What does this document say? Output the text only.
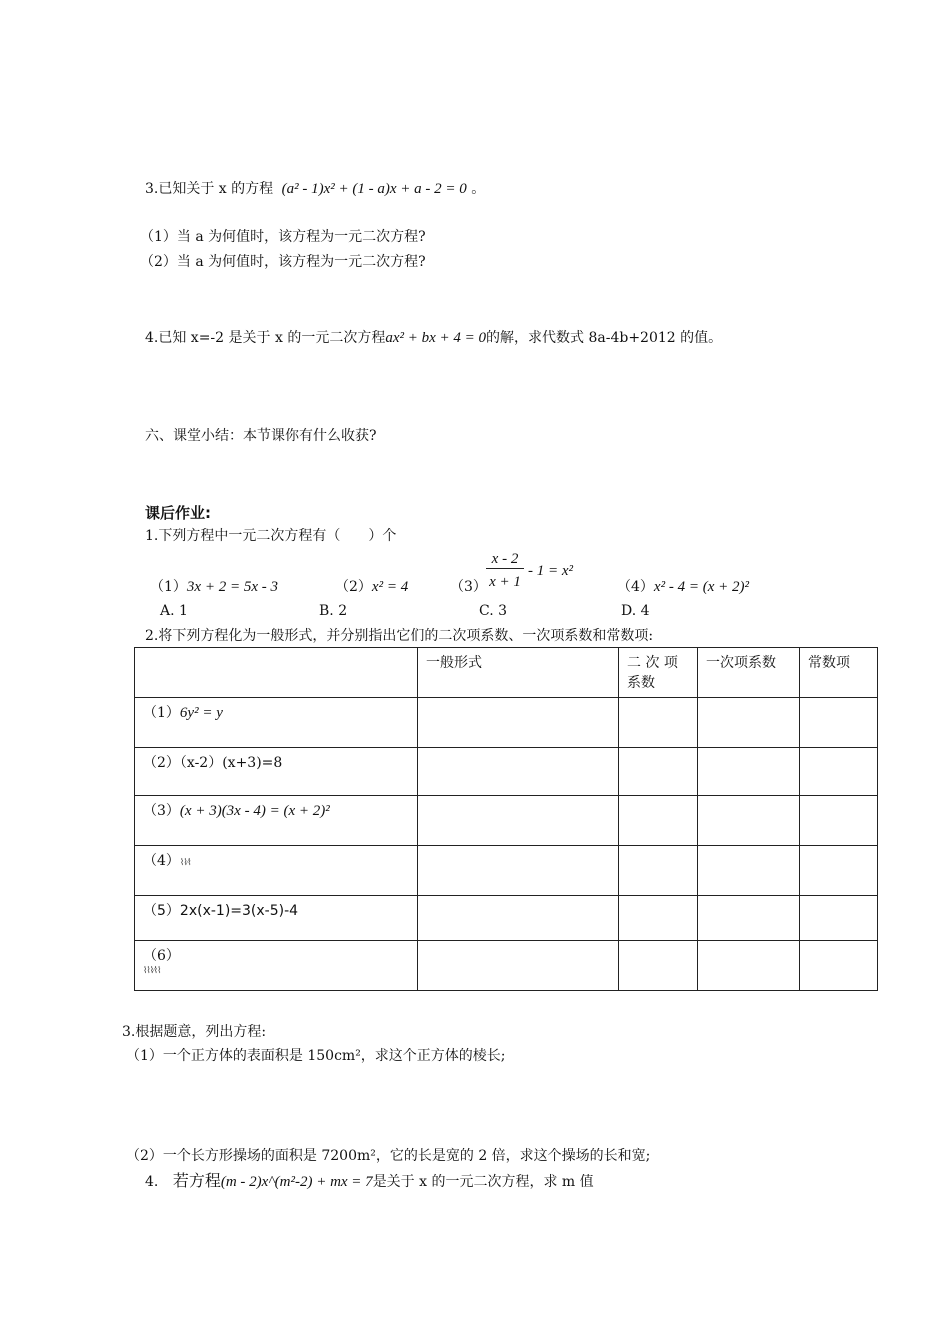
3.已知关于 x 的方程 (a² - 1)x² + (1 - a)x + a - 2 = 0 。
（1）当 a 为何值时，该方程为一元二次方程?
（2）当 a 为何值时，该方程为一元二次方程?
4.已知 x=-2 是关于 x 的一元二次方程ax² + bx + 4 = 0的解，求代数式 8a-4b+2012 的值。
六、课堂小结：本节课你有什么收获?
课后作业:
1.下列方程中一元二次方程有（　　）个
（1）3x + 2 = 5x - 3	（2）x² = 4	（3）
x - 2
x + 1
- 1 = x²
（4）x² - 4 = (x + 2)²
A. 1	B. 2	C. 3	D. 4
2.将下列方程化为一般形式，并分别指出它们的二次项系数、一次项系数和常数项:
	一般形式	二 次 项 系数	一次项系数	常数项
（1）6y² = y				
（2）（x-2）(x+3)=8				
（3）(x + 3)(3x - 4) = (x + 2)²				
（4）⌇⌇⁄⌇				
（5）2x(x-1)=3(x-5)-4				

（6）
⌇⌇⌇⁄⌇⌇				

3.根据题意，列出方程:
（1）一个正方体的表面积是 150cm²，求这个正方体的棱长;
（2）一个长方形操场的面积是 7200m²，它的长是宽的 2 倍，求这个操场的长和宽;
4. 若方程(m - 2)x^(m²-2) + mx = 7是关于 x 的一元二次方程，求 m 值
